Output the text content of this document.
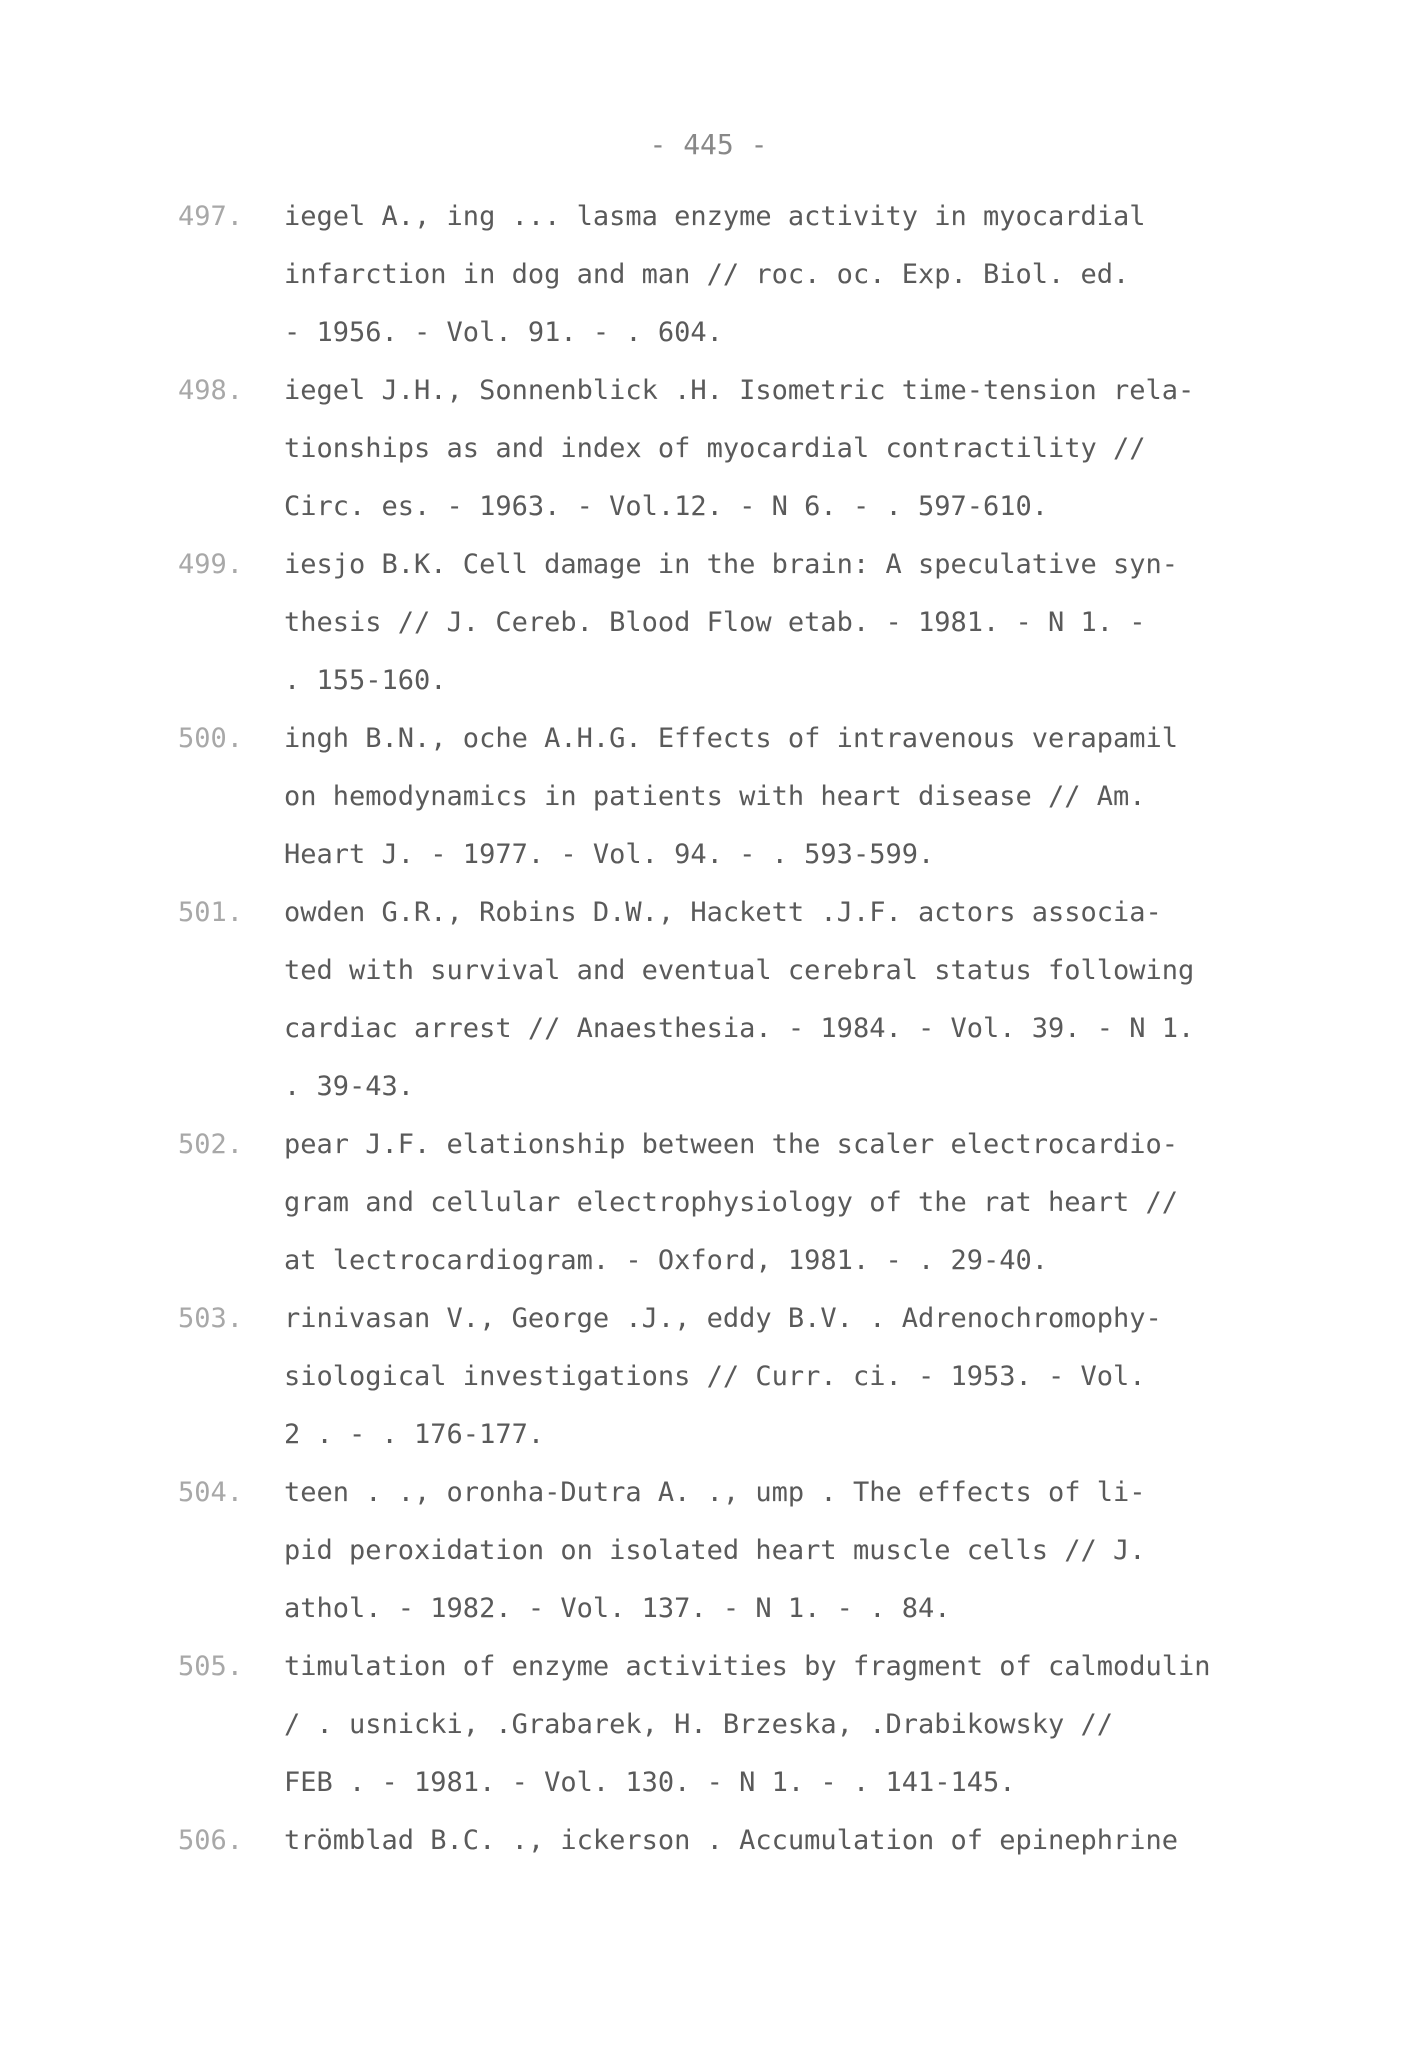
- 445 -
497. iegel A., ing ... lasma enzyme activity in myocardial
infarction in dog and man // roc. oc. Exp. Biol. ed.
- 1956. - Vol. 91. - . 604.
498. iegel J.H., Sonnenblick .H. Isometric time-tension rela-
tionships as and index of myocardial contractility //
Circ. es. - 1963. - Vol.12. - N 6. - . 597-610.
499. iesjo B.K. Cell damage in the brain: A speculative syn-
thesis // J. Cereb. Blood Flow etab. - 1981. - N 1. -
. 155-160.
500. ingh B.N., oche A.H.G. Effects of intravenous verapamil
on hemodynamics in patients with heart disease // Am.
Heart J. - 1977. - Vol. 94. - . 593-599.
501. owden G.R., Robins D.W., Hackett .J.F. actors associa-
ted with survival and eventual cerebral status following
cardiac arrest // Anaesthesia. - 1984. - Vol. 39. - N 1.
. 39-43.
502. pear J.F. elationship between the scaler electrocardio-
gram and cellular electrophysiology of the rat heart //
at lectrocardiogram. - Oxford, 1981. - . 29-40.
503. rinivasan V., George .J., eddy B.V. . Adrenochromophy-
siological investigations // Curr. ci. - 1953. - Vol.
2 . - . 176-177.
504. teen . ., oronha-Dutra A. ., ump . The effects of li-
pid peroxidation on isolated heart muscle cells // J.
athol. - 1982. - Vol. 137. - N 1. - . 84.
505. timulation of enzyme activities by fragment of calmodulin
/ . usnicki, .Grabarek, H. Brzeska, .Drabikowsky //
FEB . - 1981. - Vol. 130. - N 1. - . 141-145.
506. trömblad B.C. ., ickerson . Accumulation of epinephrine
